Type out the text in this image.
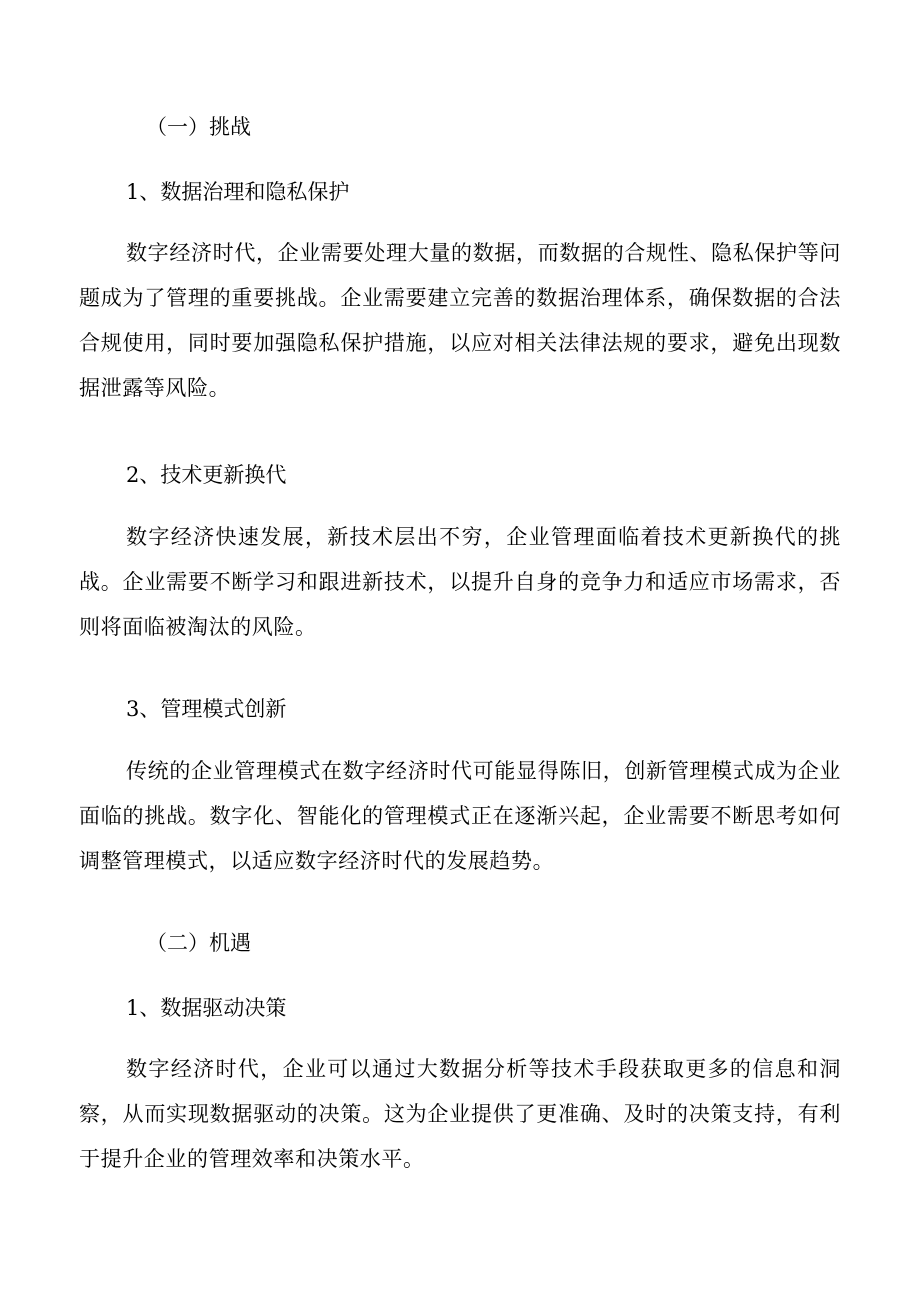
（一）挑战

1、数据治理和隐私保护

数字经济时代，企业需要处理大量的数据，而数据的合规性、隐私保护等问题成为了管理的重要挑战。企业需要建立完善的数据治理体系，确保数据的合法合规使用，同时要加强隐私保护措施，以应对相关法律法规的要求，避免出现数据泄露等风险。

2、技术更新换代

数字经济快速发展，新技术层出不穷，企业管理面临着技术更新换代的挑战。企业需要不断学习和跟进新技术，以提升自身的竞争力和适应市场需求，否则将面临被淘汰的风险。

3、管理模式创新

传统的企业管理模式在数字经济时代可能显得陈旧，创新管理模式成为企业面临的挑战。数字化、智能化的管理模式正在逐渐兴起，企业需要不断思考如何调整管理模式，以适应数字经济时代的发展趋势。

（二）机遇

1、数据驱动决策

数字经济时代，企业可以通过大数据分析等技术手段获取更多的信息和洞察，从而实现数据驱动的决策。这为企业提供了更准确、及时的决策支持，有利于提升企业的管理效率和决策水平。
